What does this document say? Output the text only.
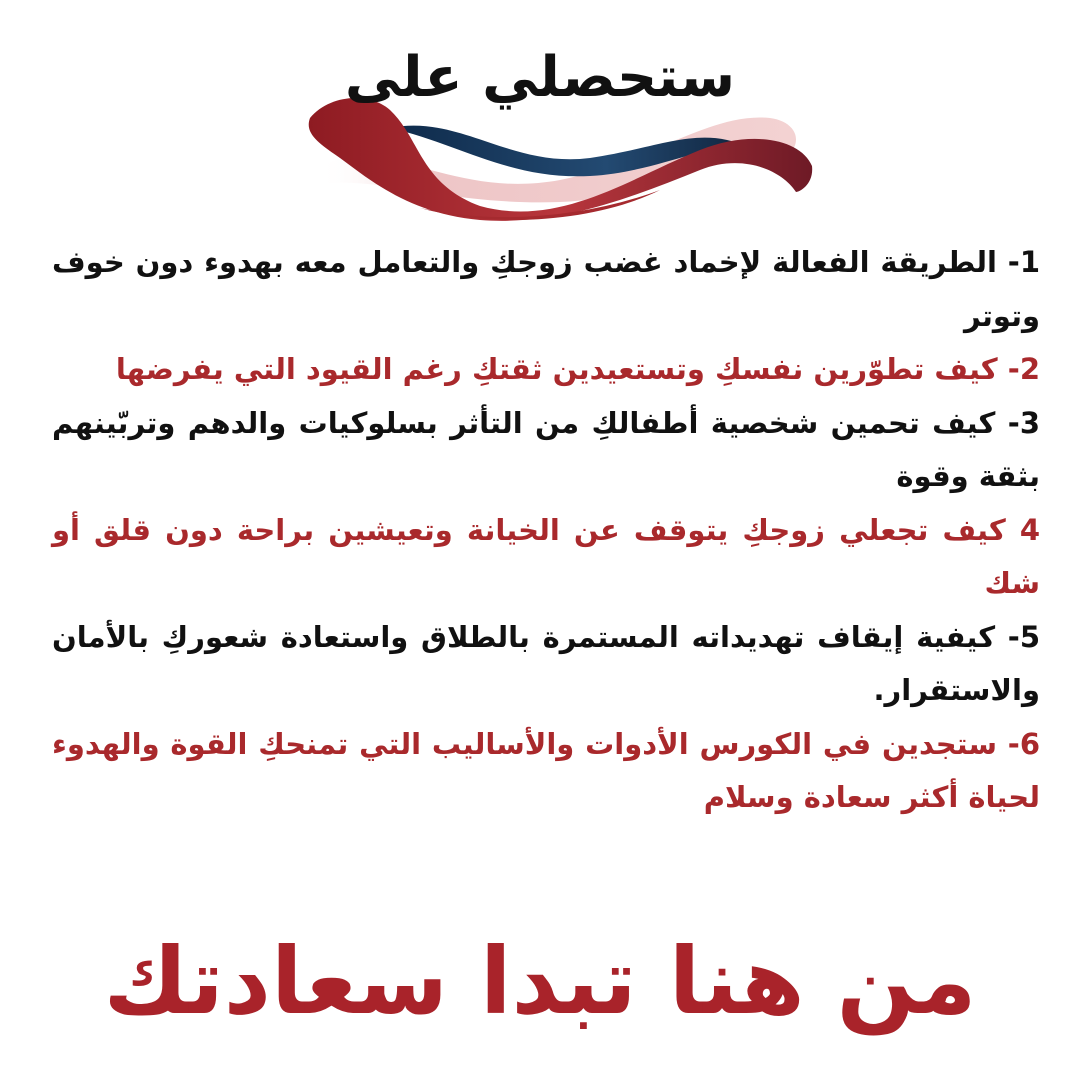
ستحصلي على
1- الطريقة الفعالة لإخماد غضب زوجكِ والتعامل معه بهدوء دون خوف وتوتر
2- كيف تطوّرين نفسكِ وتستعيدين ثقتكِ رغم القيود التي يفرضها
3- كيف تحمين شخصية أطفالكِ من التأثر بسلوكيات والدهم وتربّينهم بثقة وقوة
4 كيف تجعلي زوجكِ يتوقف عن الخيانة وتعيشين براحة دون قلق أو شك
5- كيفية إيقاف تهديداته المستمرة بالطلاق واستعادة شعوركِ بالأمان والاستقرار.
6- ستجدين في الكورس الأدوات والأساليب التي تمنحكِ القوة والهدوء لحياة أكثر سعادة وسلام
من هنا تبدا سعادتك
